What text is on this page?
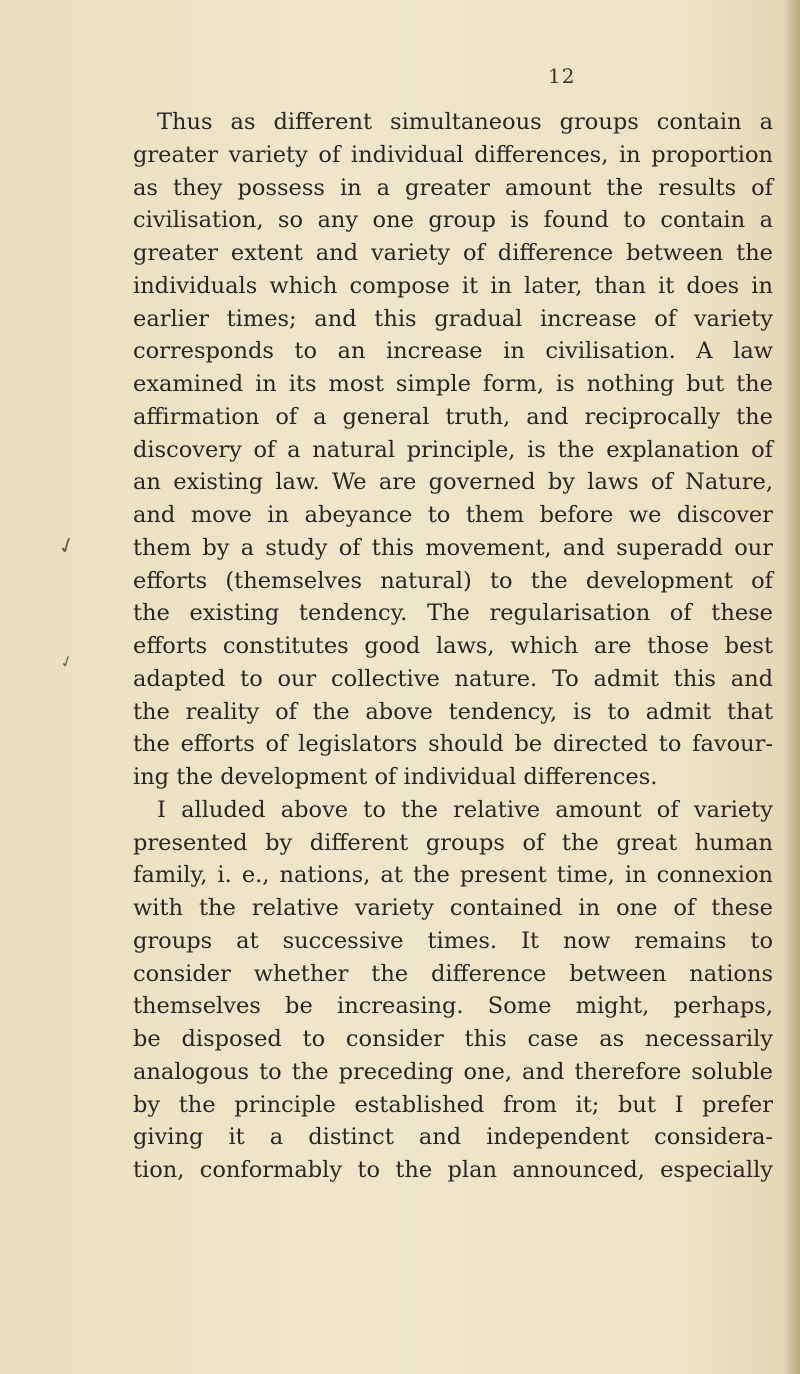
12
✓
✓
Thus as different simultaneous groups contain a
greater variety of individual differences, in proportion
as they possess in a greater amount the results of
civilisation, so any one group is found to contain a
greater extent and variety of difference between the
individuals which compose it in later, than it does in
earlier times; and this gradual increase of variety
corresponds to an increase in civilisation. A law
examined in its most simple form, is nothing but the
affirmation of a general truth, and reciprocally the
discovery of a natural principle, is the explanation of
an existing law. We are governed by laws of Nature,
and move in abeyance to them before we discover
them by a study of this movement, and superadd our
efforts (themselves natural) to the development of
the existing tendency. The regularisation of these
efforts constitutes good laws, which are those best
adapted to our collective nature. To admit this and
the reality of the above tendency, is to admit that
the efforts of legislators should be directed to favour-
ing the development of individual differences.
I alluded above to the relative amount of variety
presented by different groups of the great human
family, i. e., nations, at the present time, in connexion
with the relative variety contained in one of these
groups at successive times. It now remains to
consider whether the difference between nations
themselves be increasing. Some might, perhaps,
be disposed to consider this case as necessarily
analogous to the preceding one, and therefore soluble
by the principle established from it; but I prefer
giving it a distinct and independent considera-
tion, conformably to the plan announced, especially
